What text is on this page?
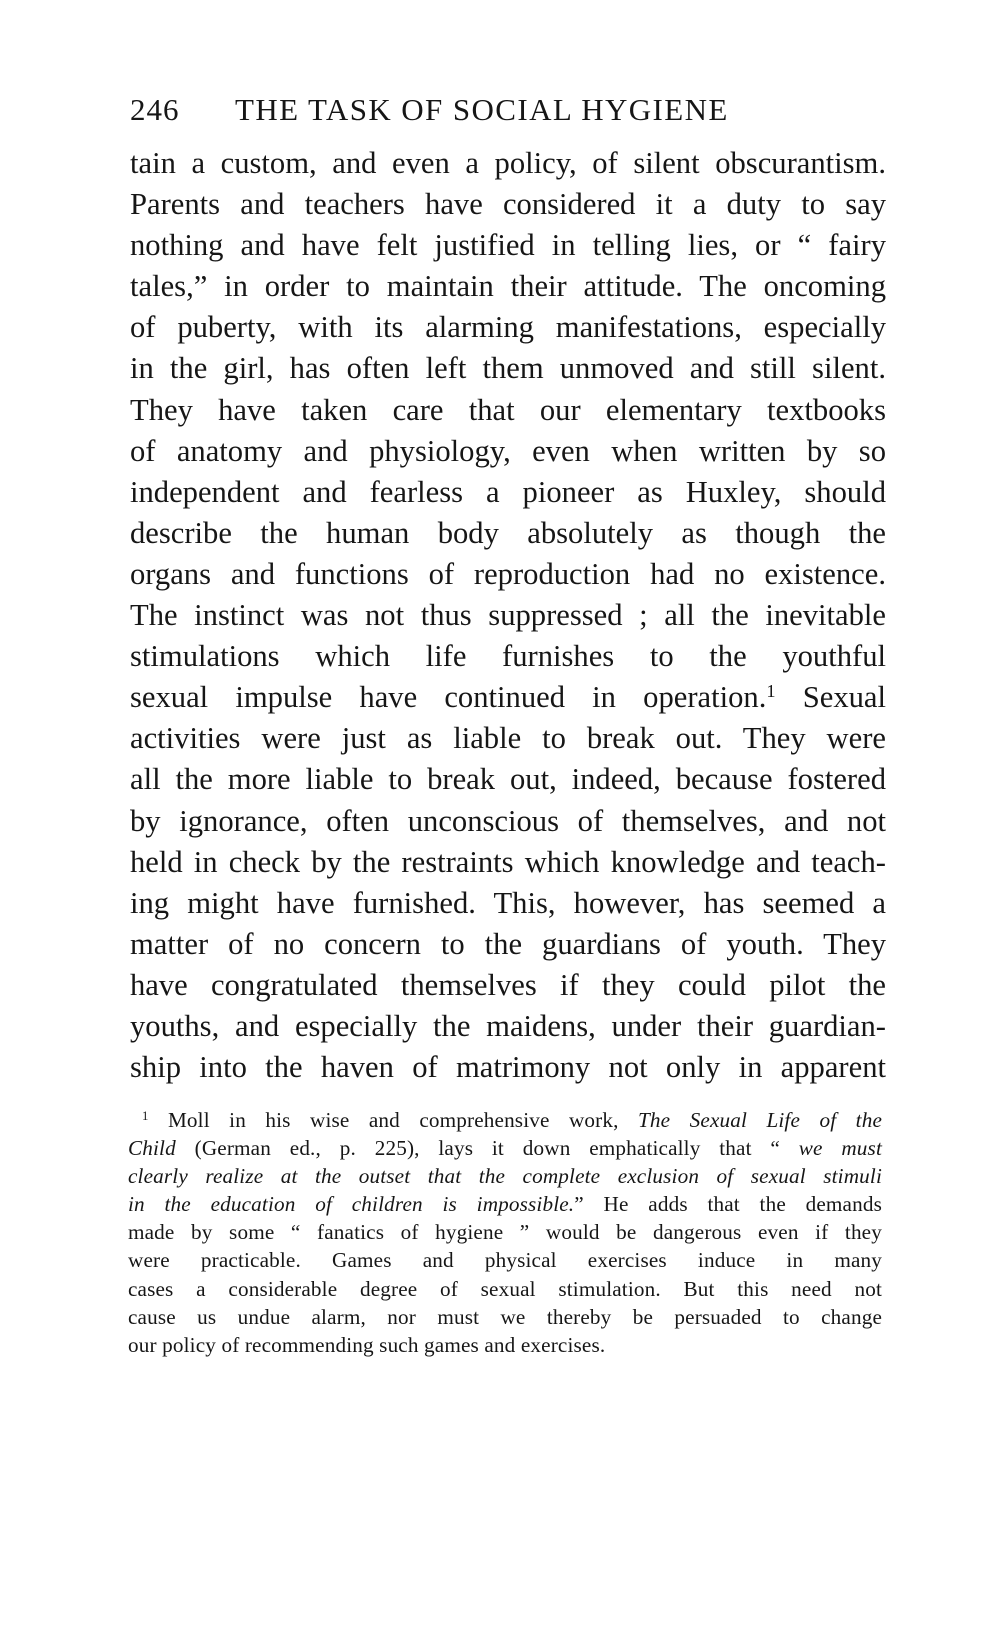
246 THE TASK OF SOCIAL HYGIENE
tain a custom, and even a policy, of silent obscurantism.
Parents and teachers have considered it a duty to say
nothing and have felt justified in telling lies, or “ fairy
tales,” in order to maintain their attitude. The oncoming
of puberty, with its alarming manifestations, especially
in the girl, has often left them unmoved and still silent.
They have taken care that our elementary textbooks
of anatomy and physiology, even when written by so
independent and fearless a pioneer as Huxley, should
describe the human body absolutely as though the
organs and functions of reproduction had no existence.
The instinct was not thus suppressed ; all the inevitable
stimulations which life furnishes to the youthful
sexual impulse have continued in operation.$^1$ Sexual
activities were just as liable to break out. They were
all the more liable to break out, indeed, because fostered
by ignorance, often unconscious of themselves, and not
held in check by the restraints which knowledge and teach-
ing might have furnished. This, however, has seemed a
matter of no concern to the guardians of youth. They
have congratulated themselves if they could pilot the
youths, and especially the maidens, under their guardian-
ship into the haven of matrimony not only in apparent
$^1$ Moll in his wise and comprehensive work, The Sexual Life of the
Child (German ed., p. 225), lays it down emphatically that “ we must
clearly realize at the outset that the complete exclusion of sexual stimuli
in the education of children is impossible.” He adds that the demands
made by some “ fanatics of hygiene ” would be dangerous even if they
were practicable. Games and physical exercises induce in many
cases a considerable degree of sexual stimulation. But this need not
cause us undue alarm, nor must we thereby be persuaded to change
our policy of recommending such games and exercises.
